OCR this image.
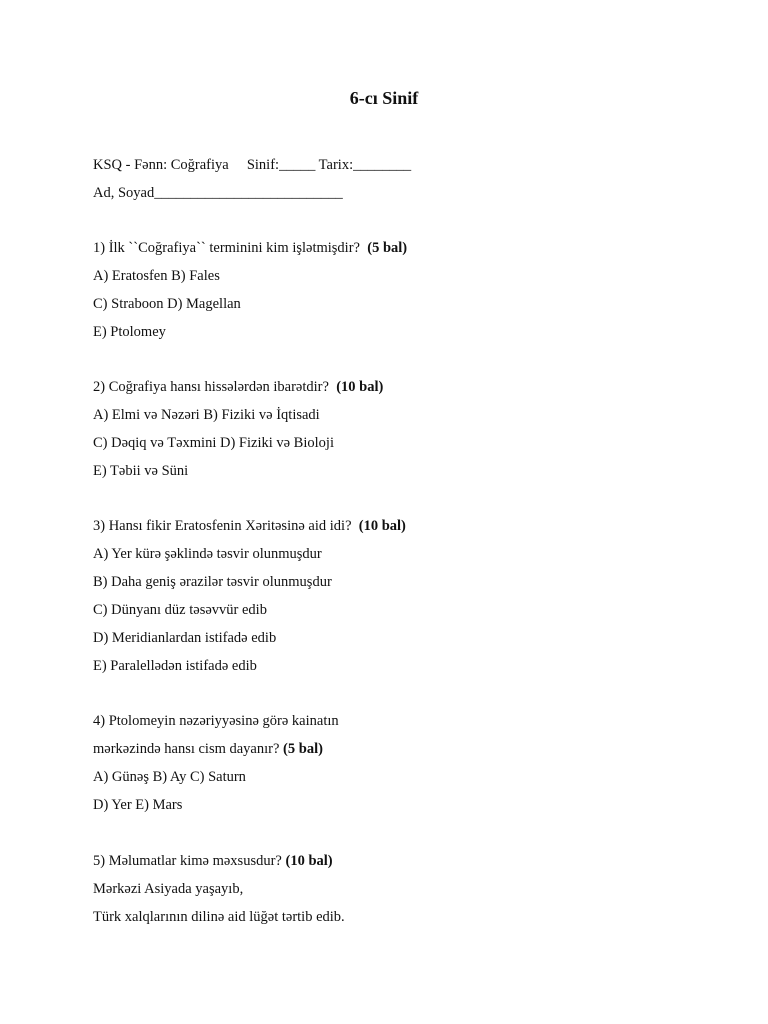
6-cı Sinif
KSQ - Fənn: Coğrafiya     Sinif:_____ Tarix:________
Ad, Soyad__________________________
1) İlk ``Coğrafiya`` terminini kim işlətmişdir?  (5 bal)
A) Eratosfen B) Fales
C) Straboon D) Magellan
E) Ptolomey
2) Coğrafiya hansı hissələrdən ibarətdir?  (10 bal)
A) Elmi və Nəzəri B) Fiziki və İqtisadi
C) Dəqiq və Təxmini D) Fiziki və Bioloji
E) Təbii və Süni
3) Hansı fikir Eratosfenin Xəritəsinə aid idi?  (10 bal)
A) Yer kürə şəklində təsvir olunmuşdur
B) Daha geniş ərazilər təsvir olunmuşdur
C) Dünyanı düz təsəvvür edib
D) Meridianlardan istifadə edib
E) Paralellədən istifadə edib
4) Ptolomeyin nəzəriyyəsinə görə kainatın
mərkəzində hansı cism dayanır? (5 bal)
A) Günəş B) Ay C) Saturn
D) Yer E) Mars
5) Məlumatlar kimə məxsusdur? (10 bal)
Mərkəzi Asiyada yaşayıb,
Türk xalqlarının dilinə aid lüğət tərtib edib.
